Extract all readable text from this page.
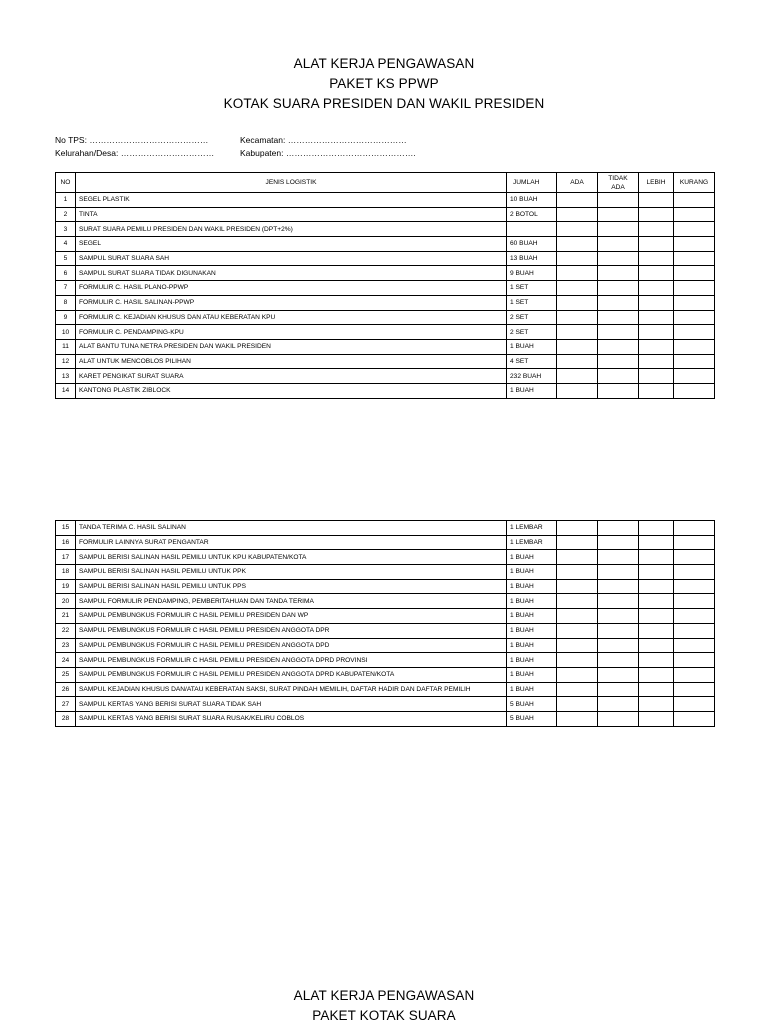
ALAT KERJA PENGAWASAN
PAKET KS PPWP
KOTAK SUARA PRESIDEN DAN WAKIL PRESIDEN
No TPS: ……………………………………
Kelurahan/Desa: ……………………………
Kecamatan: ……………………………………
Kabupaten: ……………………………………….
NO	JENIS LOGISTIK	JUMLAH	ADA	TIDAK ADA	LEBIH	KURANG
1	SEGEL PLASTIK	10 BUAH				
2	TINTA	2 BOTOL				
3	SURAT SUARA PEMILU PRESIDEN DAN WAKIL PRESIDEN (DPT+2%)					
4	SEGEL	60 BUAH				
5	SAMPUL SURAT SUARA SAH	13 BUAH				
6	SAMPUL SURAT SUARA TIDAK DIGUNAKAN	9 BUAH				
7	FORMULIR C. HASIL PLANO-PPWP	1 SET				
8	FORMULIR C. HASIL SALINAN-PPWP	1 SET				
9	FORMULIR C. KEJADIAN KHUSUS DAN ATAU KEBERATAN KPU	2 SET				
10	FORMULIR C. PENDAMPING-KPU	2 SET				
11	ALAT BANTU TUNA NETRA PRESIDEN DAN WAKIL PRESIDEN	1 BUAH				
12	ALAT UNTUK MENCOBLOS PILIHAN	4 SET				
13	KARET PENGIKAT SURAT SUARA	232 BUAH				
14	KANTONG PLASTIK ZIBLOCK	1 BUAH				
15	TANDA TERIMA C. HASIL SALINAN	1 LEMBAR				
16	FORMULIR LAINNYA SURAT PENGANTAR	1 LEMBAR				
17	SAMPUL BERISI SALINAN HASIL PEMILU UNTUK KPU KABUPATEN/KOTA	1 BUAH				
18	SAMPUL BERISI SALINAN HASIL PEMILU UNTUK PPK	1 BUAH				
19	SAMPUL BERISI SALINAN HASIL PEMILU UNTUK PPS	1 BUAH				
20	SAMPUL FORMULIR PENDAMPING, PEMBERITAHUAN DAN TANDA TERIMA	1 BUAH				
21	SAMPUL PEMBUNGKUS FORMULIR C HASIL PEMILU PRESIDEN DAN WP	1 BUAH				
22	SAMPUL PEMBUNGKUS FORMULIR C HASIL PEMILU PRESIDEN ANGGOTA DPR	1 BUAH				
23	SAMPUL PEMBUNGKUS FORMULIR C HASIL PEMILU PRESIDEN ANGGOTA DPD	1 BUAH				
24	SAMPUL PEMBUNGKUS FORMULIR C HASIL PEMILU PRESIDEN ANGGOTA DPRD PROVINSI	1 BUAH				
25	SAMPUL PEMBUNGKUS FORMULIR C HASIL PEMILU PRESIDEN ANGGOTA DPRD KABUPATEN/KOTA	1 BUAH				
26	SAMPUL KEJADIAN KHUSUS DAN/ATAU KEBERATAN SAKSI, SURAT PINDAH MEMILIH, DAFTAR HADIR DAN DAFTAR PEMILIH	1 BUAH				
27	SAMPUL KERTAS YANG BERISI SURAT SUARA TIDAK SAH	5 BUAH				
28	SAMPUL KERTAS YANG BERISI SURAT SUARA RUSAK/KELIRU COBLOS	5 BUAH				
ALAT KERJA PENGAWASAN
PAKET KOTAK SUARA
